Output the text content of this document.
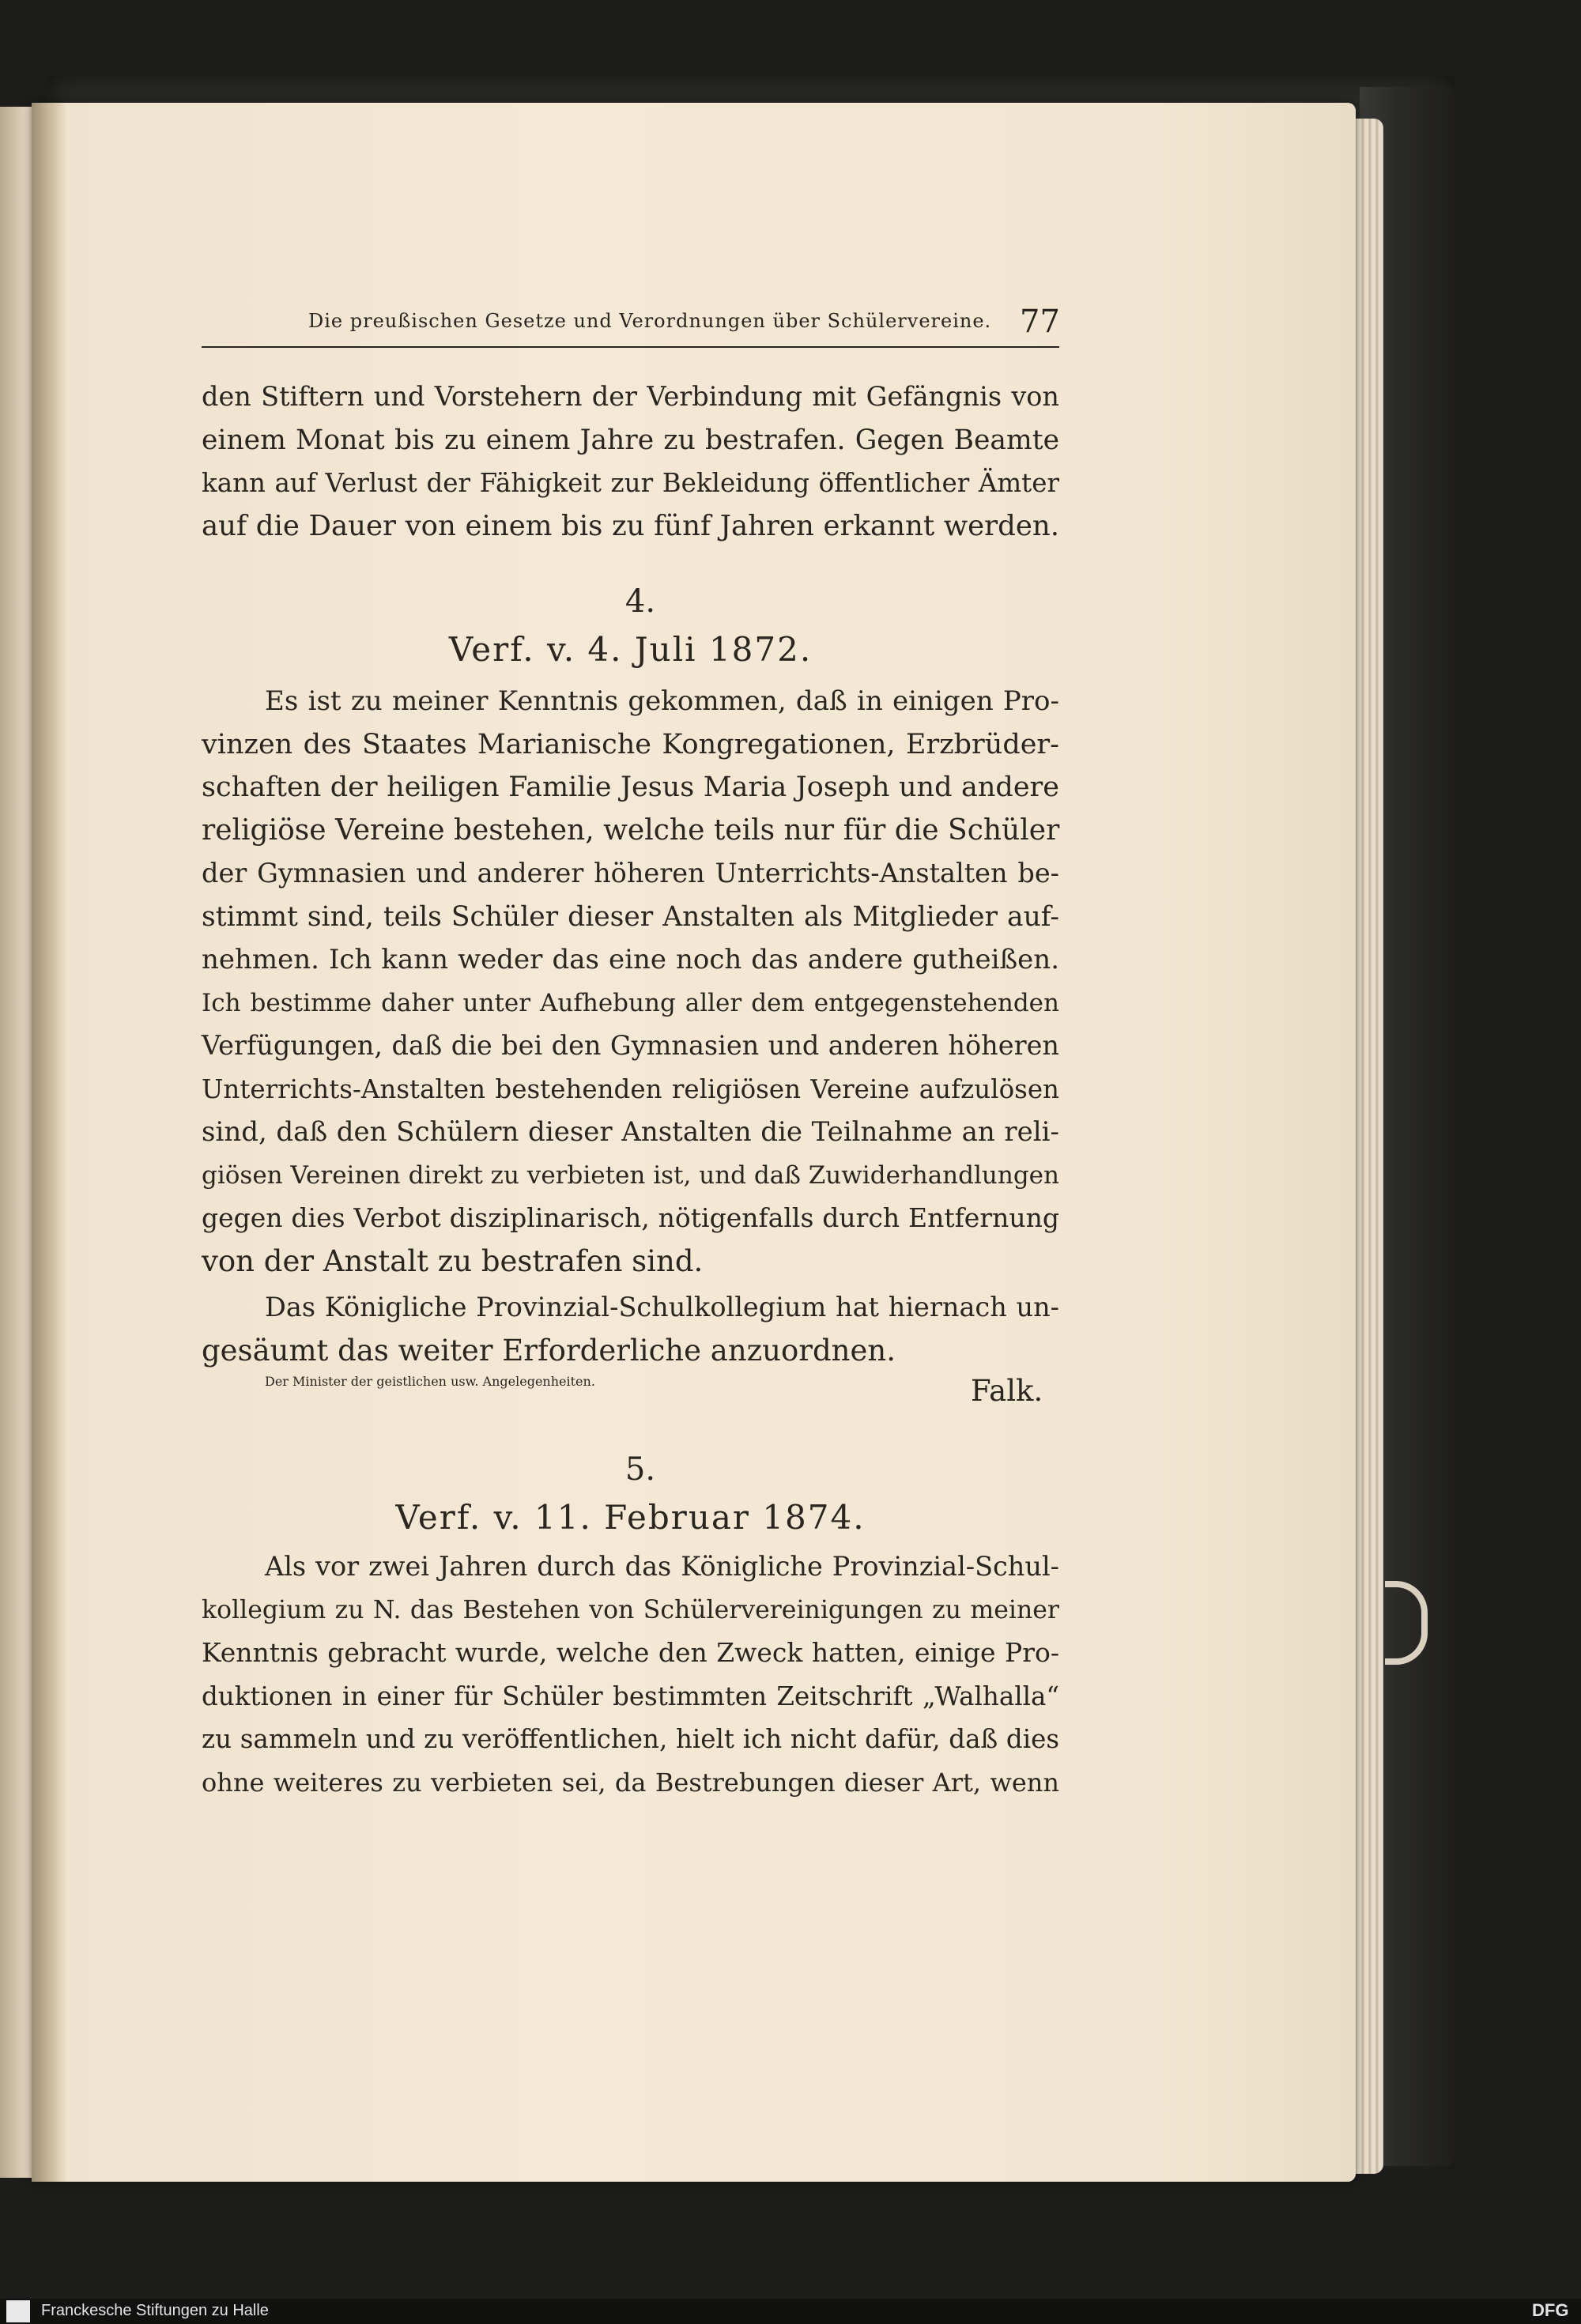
Die preußischen Gesetze und Verordnungen über Schülervereine. 77
den Stiftern und Vorstehern der Verbindung mit Gefängnis von
einem Monat bis zu einem Jahre zu bestrafen. Gegen Beamte
kann auf Verlust der Fähigkeit zur Bekleidung öffentlicher Ämter
auf die Dauer von einem bis zu fünf Jahren erkannt werden.
4.
Verf. v. 4. Juli 1872.
Es ist zu meiner Kenntnis gekommen, daß in einigen Pro-
vinzen des Staates Marianische Kongregationen, Erzbrüder-
schaften der heiligen Familie Jesus Maria Joseph und andere
religiöse Vereine bestehen, welche teils nur für die Schüler
der Gymnasien und anderer höheren Unterrichts-Anstalten be-
stimmt sind, teils Schüler dieser Anstalten als Mitglieder auf-
nehmen. Ich kann weder das eine noch das andere gutheißen.
Ich bestimme daher unter Aufhebung aller dem entgegenstehenden
Verfügungen, daß die bei den Gymnasien und anderen höheren
Unterrichts-Anstalten bestehenden religiösen Vereine aufzulösen
sind, daß den Schülern dieser Anstalten die Teilnahme an reli-
giösen Vereinen direkt zu verbieten ist, und daß Zuwiderhandlungen
gegen dies Verbot disziplinarisch, nötigenfalls durch Entfernung
von der Anstalt zu bestrafen sind.
Das Königliche Provinzial-Schulkollegium hat hiernach un-
gesäumt das weiter Erforderliche anzuordnen.
Der Minister der geistlichen usw. Angelegenheiten.	Falk.
5.
Verf. v. 11. Februar 1874.
Als vor zwei Jahren durch das Königliche Provinzial-Schul-
kollegium zu N. das Bestehen von Schülervereinigungen zu meiner
Kenntnis gebracht wurde, welche den Zweck hatten, einige Pro-
duktionen in einer für Schüler bestimmten Zeitschrift „Walhalla“
zu sammeln und zu veröffentlichen, hielt ich nicht dafür, daß dies
ohne weiteres zu verbieten sei, da Bestrebungen dieser Art, wenn
Franckesche Stiftungen zu Halle	DFG
